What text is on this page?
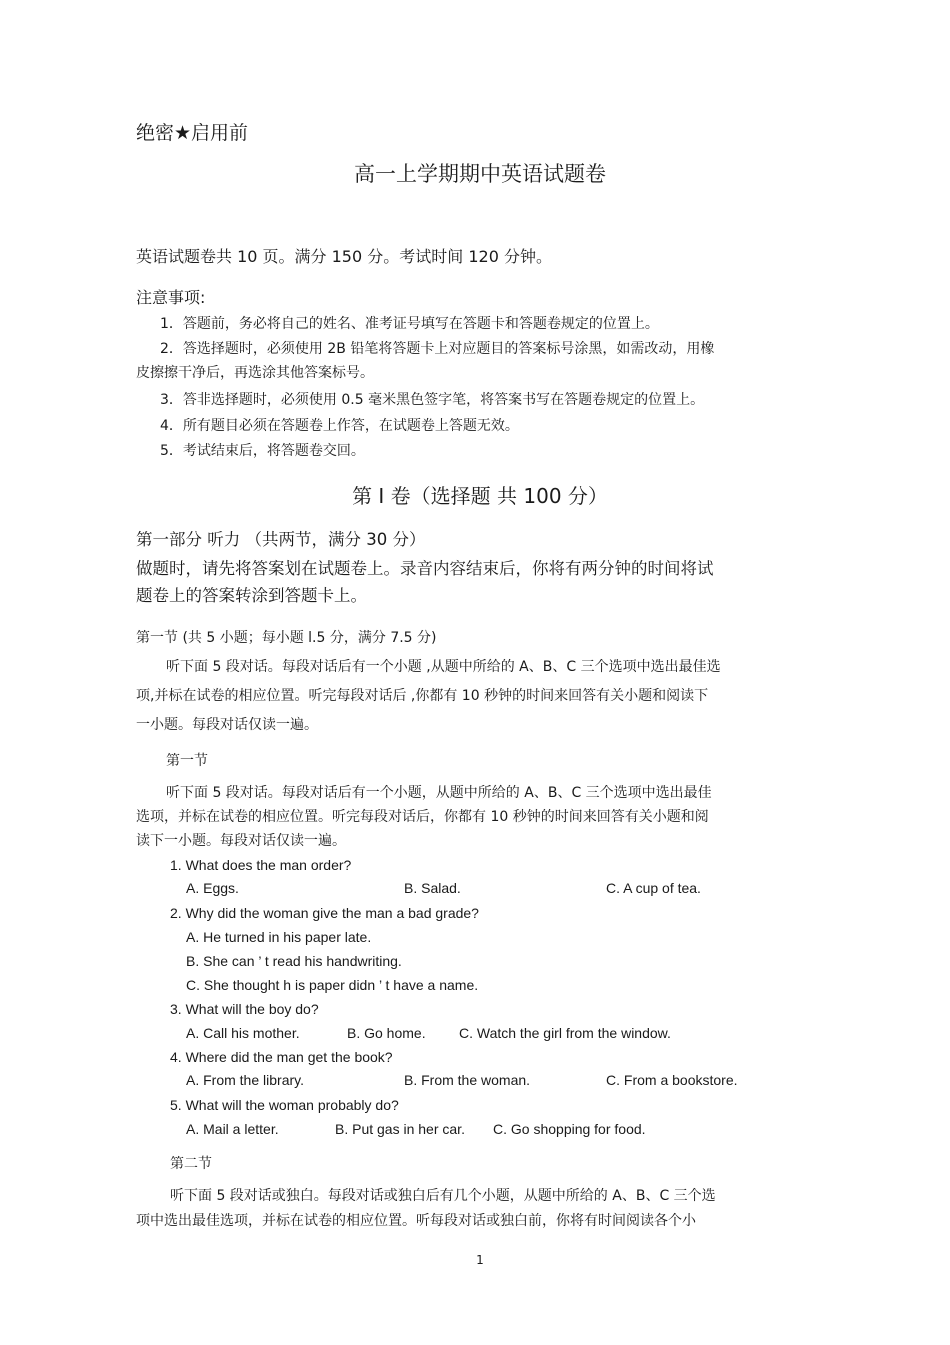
绝密★启用前
高一上学期期中英语试题卷
英语试题卷共 10 页。满分 150 分。考试时间 120 分钟。
注意事项:
1．答题前，务必将自己的姓名、准考证号填写在答题卡和答题卷规定的位置上。
2．答选择题时，必须使用 2B 铅笔将答题卡上对应题目的答案标号涂黑，如需改动，用橡
皮擦擦干净后，再选涂其他答案标号。
3．答非选择题时，必须使用 0.5 毫米黑色签字笔，将答案书写在答题卷规定的位置上。
4．所有题目必须在答题卷上作答，在试题卷上答题无效。
5．考试结束后，将答题卷交回。
第 I 卷（选择题 共 100 分）
第一部分 听力 （共两节，满分 30 分）
做题时，请先将答案划在试题卷上。录音内容结束后，你将有两分钟的时间将试
题卷上的答案转涂到答题卡上。
第一节 (共 5 小题；每小题 l.5 分，满分 7.5 分)
听下面 5 段对话。每段对话后有一个小题 ,从题中所给的 A、B、C 三个选项中选出最佳选
项,并标在试卷的相应位置。听完每段对话后 ,你都有 10 秒钟的时间来回答有关小题和阅读下
一小题。每段对话仅读一遍。
第一节
听下面 5 段对话。每段对话后有一个小题，从题中所给的 A、B、C 三个选项中选出最佳
选项，并标在试卷的相应位置。听完每段对话后，你都有 10 秒钟的时间来回答有关小题和阅
读下一小题。每段对话仅读一遍。
1. What does the man order?
A. Eggs.	B. Salad.	C. A cup of tea.
2. Why did the woman give the man a bad grade?
A. He turned in his paper late.
B. She can ’ t read his handwriting.
C. She thought h is paper didn ’ t have a name.
3. What will the boy do?
A. Call his mother.	B. Go home. C. Watch the girl from the window.
4. Where did the man get the book?
A. From the library.	B. From the woman.	C. From a bookstore.
5. What will the woman probably do?
A. Mail a letter.	B. Put gas in her car. C. Go shopping for food.
第二节
听下面 5 段对话或独白。每段对话或独白后有几个小题，从题中所给的 A、B、C 三个选
项中选出最佳选项，并标在试卷的相应位置。听每段对话或独白前，你将有时间阅读各个小
1
